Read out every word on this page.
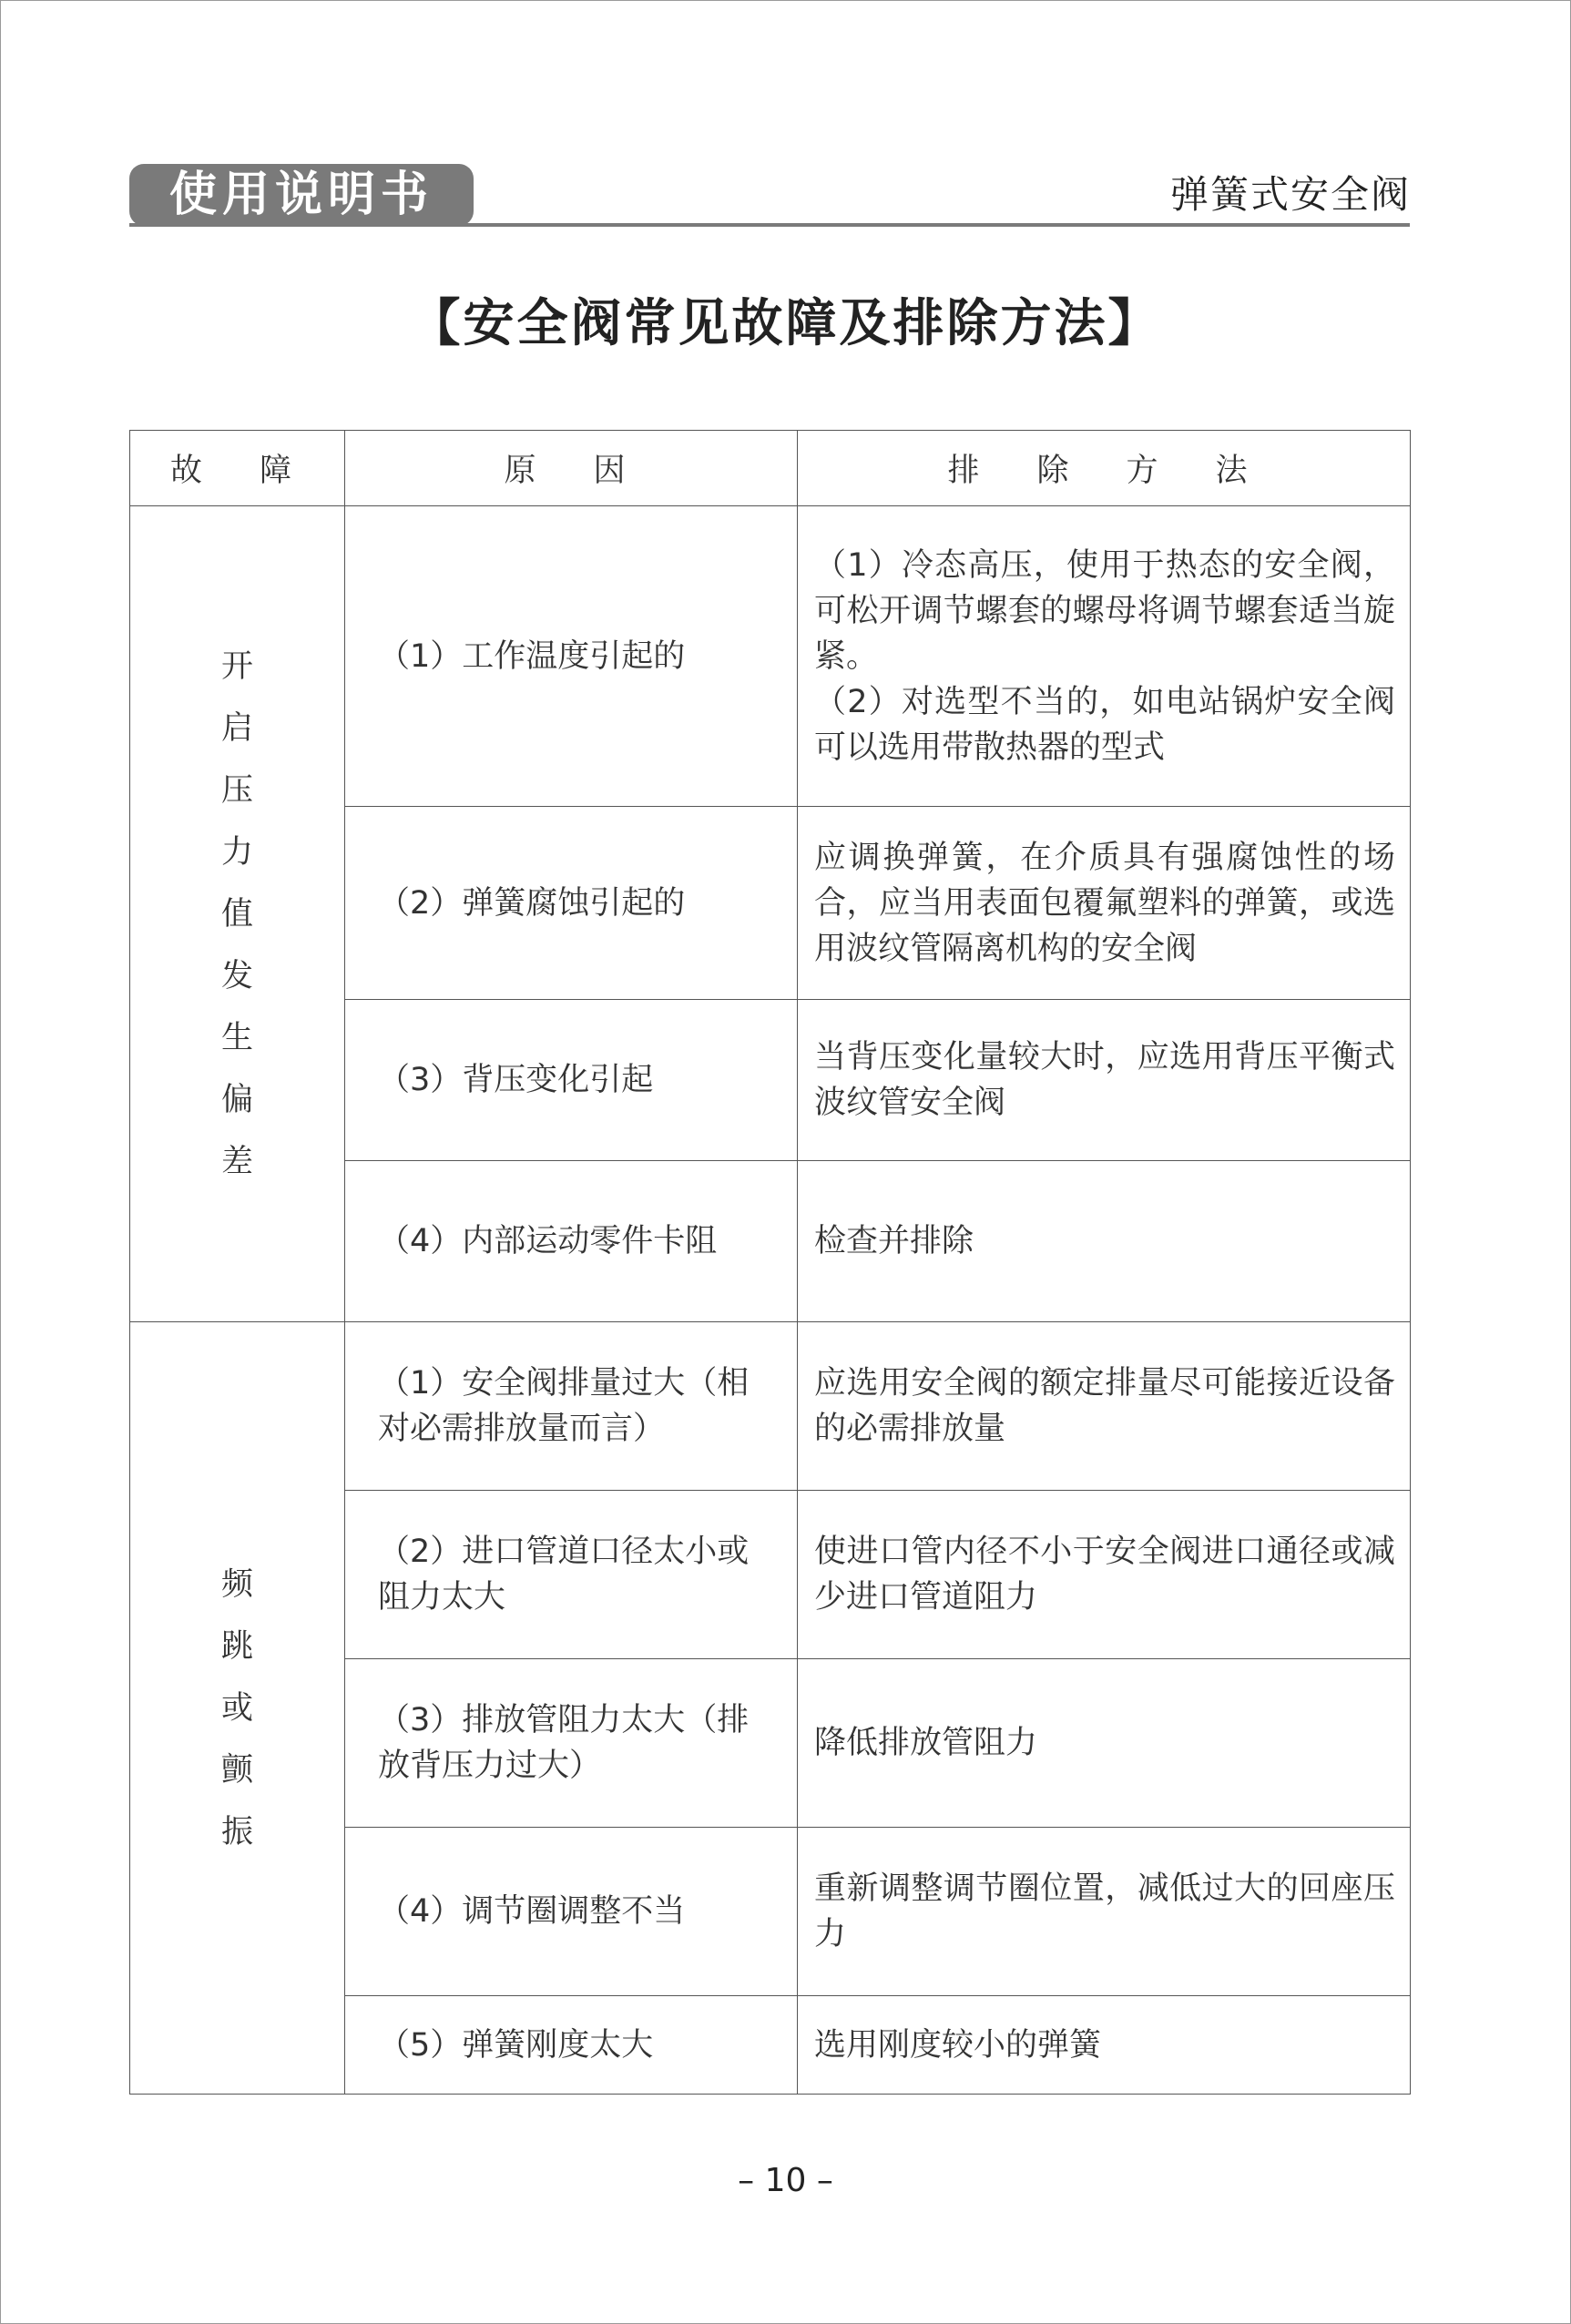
使用说明书	弹簧式安全阀
【安全阀常见故障及排除方法】
故　障	原　因	排　除　方　法
开启压力值发生偏差	（1）工作温度引起的	（1）冷态高压，使用于热态的安全阀，可松开调节螺套的螺母将调节螺套适当旋紧。
（2）对选型不当的，如电站锅炉安全阀可以选用带散热器的型式

	（2）弹簧腐蚀引起的	应调换弹簧，在介质具有强腐蚀性的场合，应当用表面包覆氟塑料的弹簧，或选用波纹管隔离机构的安全阀

	（3）背压变化引起	当背压变化量较大时，应选用背压平衡式波纹管安全阀

	（4）内部运动零件卡阻	检查并排除

频跳或颤振	（1）安全阀排量过大（相对必需排放量而言）	应选用安全阀的额定排量尽可能接近设备的必需排放量

	（2）进口管道口径太小或阻力太大	使进口管内径不小于安全阀进口通径或减少进口管道阻力

	（3）排放管阻力太大（排放背压力过大）	降低排放管阻力

	（4）调节圈调整不当	重新调整调节圈位置，减低过大的回座压力

	（5）弹簧刚度太大	选用刚度较小的弹簧
– 10 –
